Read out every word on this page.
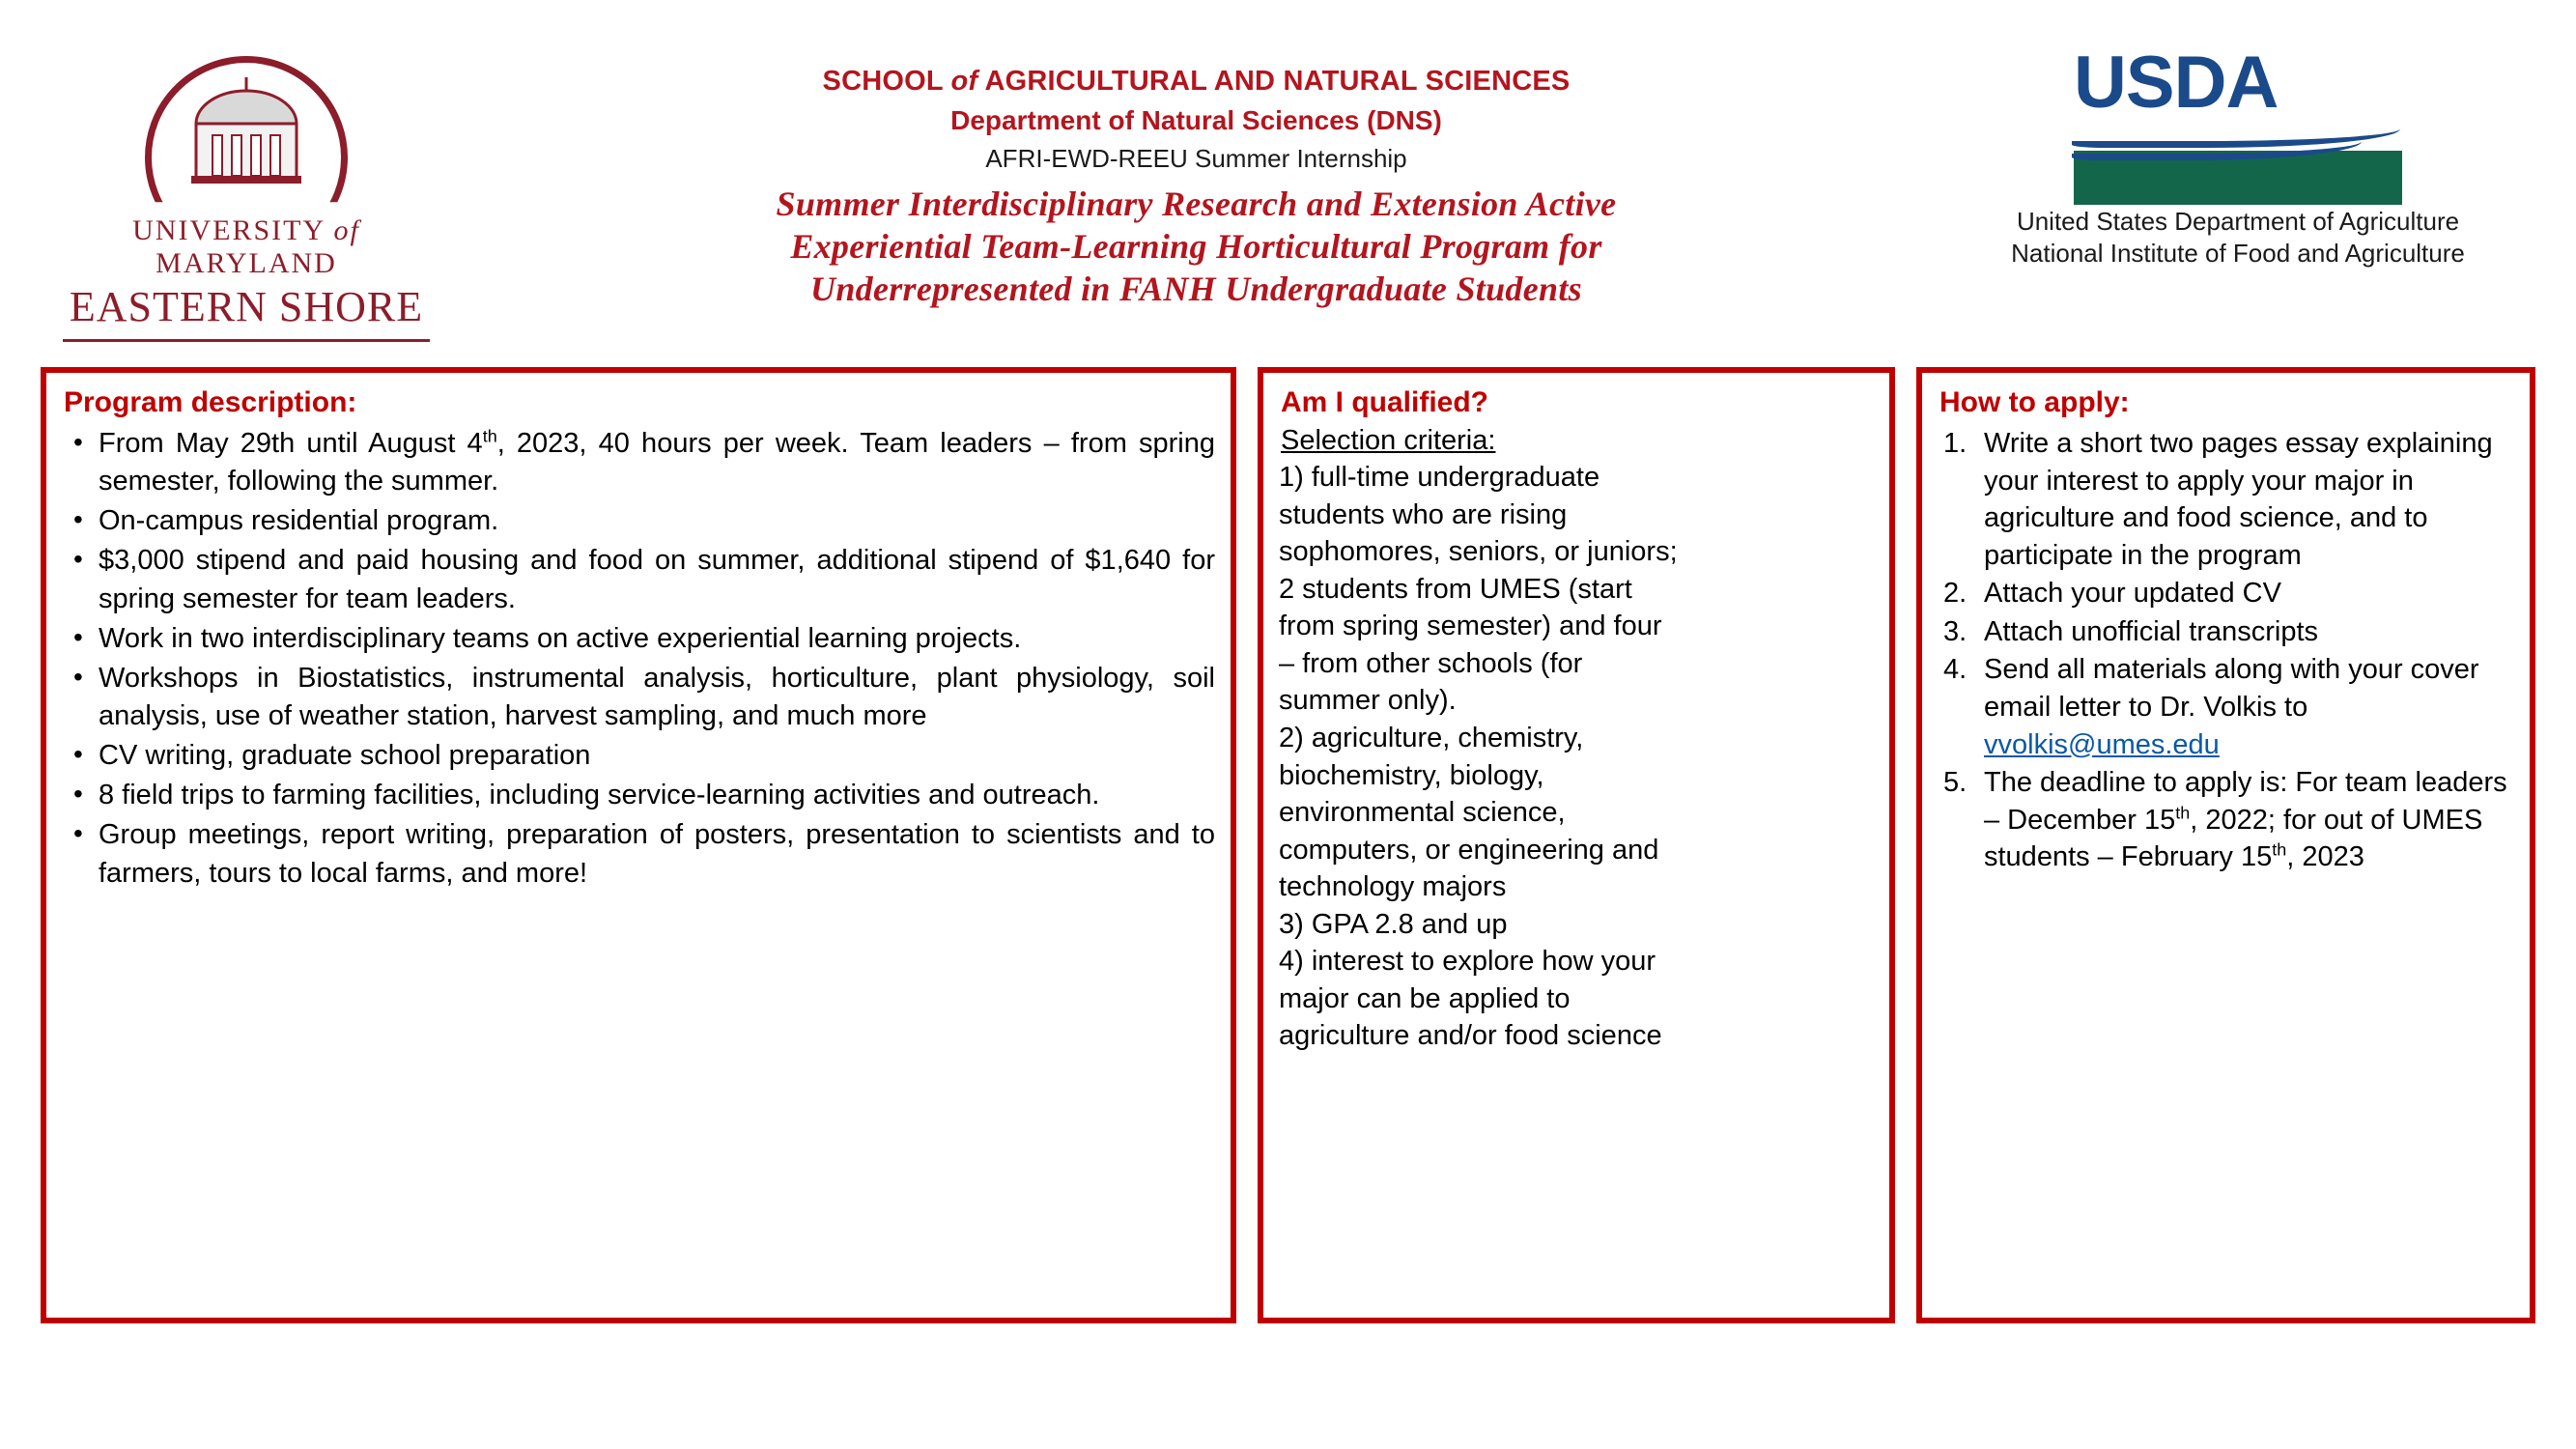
UNIVERSITY of MARYLAND
EASTERN SHORE
SCHOOL of AGRICULTURAL AND NATURAL SCIENCES
Department of Natural Sciences (DNS)
AFRI-EWD-REEU Summer Internship
Summer Interdisciplinary Research and Extension Active
Experiential Team-Learning Horticultural Program for
Underrepresented in FANH Undergraduate Students
USDA
United States Department of Agriculture
National Institute of Food and Agriculture
Program description:
• From May 29th until August 4th, 2023, 40 hours per week. Team leaders – from spring semester, following the summer.
• On-campus residential program.
• $3,000 stipend and paid housing and food on summer, additional stipend of $1,640 for spring semester for team leaders.
• Work in two interdisciplinary teams on active experiential learning projects.
• Workshops in Biostatistics, instrumental analysis, horticulture, plant physiology, soil analysis, use of weather station, harvest sampling, and much more
• CV writing, graduate school preparation
• 8 field trips to farming facilities, including service-learning activities and outreach.
• Group meetings, report writing, preparation of posters, presentation to scientists and to farmers, tours to local farms, and more!
Am I qualified?
Selection criteria:

1) full-time undergraduate

students who are rising

sophomores, seniors, or juniors;

2 students from UMES (start

from spring semester) and four

– from other schools (for

summer only).

2) agriculture, chemistry,

biochemistry, biology,

environmental science,

computers, or engineering and

technology majors

3) GPA 2.8 and up

4) interest to explore how your

major can be applied to

agriculture and/or food science

How to apply:
Write a short two pages essay explaining your interest to apply your major in agriculture and food science, and to participate in the program
Attach your updated CV
Attach unofficial transcripts
Send all materials along with your cover email letter to Dr. Volkis to vvolkis@umes.edu
The deadline to apply is: For team leaders – December 15th, 2022; for out of UMES students – February 15th, 2023
